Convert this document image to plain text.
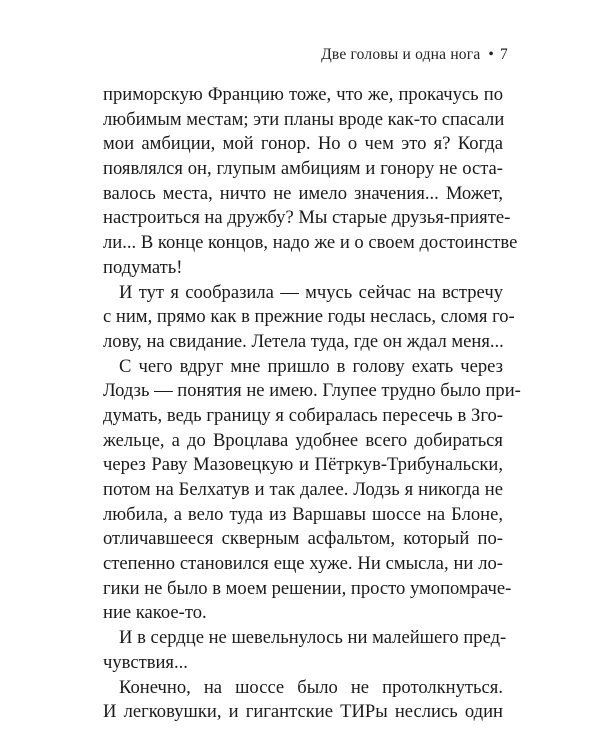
Две головы и одна нога • 7
приморскую Францию тоже, что же, прокачусь по
любимым местам; эти планы вроде как-то спасали
мои амбиции, мой гонор. Но о чем это я? Когда
появлялся он, глупым амбициям и гонору не оста-
валось места, ничто не имело значения... Может,
настроиться на дружбу? Мы старые друзья-прияте-
ли... В конце концов, надо же и о своем достоинстве
подумать!
И тут я сообразила — мчусь сейчас на встречу
с ним, прямо как в прежние годы неслась, сломя го-
лову, на свидание. Летела туда, где он ждал меня...
С чего вдруг мне пришло в голову ехать через
Лодзь — понятия не имею. Глупее трудно было при-
думать, ведь границу я собиралась пересечь в Зго-
жельце, а до Вроцлава удобнее всего добираться
через Раву Мазовецкую и Пётркув-Трибунальски,
потом на Белхатув и так далее. Лодзь я никогда не
любила, а вело туда из Варшавы шоссе на Блоне,
отличавшееся скверным асфальтом, который по-
степенно становился еще хуже. Ни смысла, ни ло-
гики не было в моем решении, просто умопомраче-
ние какое-то.
И в сердце не шевельнулось ни малейшего пред-
чувствия...
Конечно, на шоссе было не протолкнуться.
И легковушки, и гигантские ТИРы неслись один
